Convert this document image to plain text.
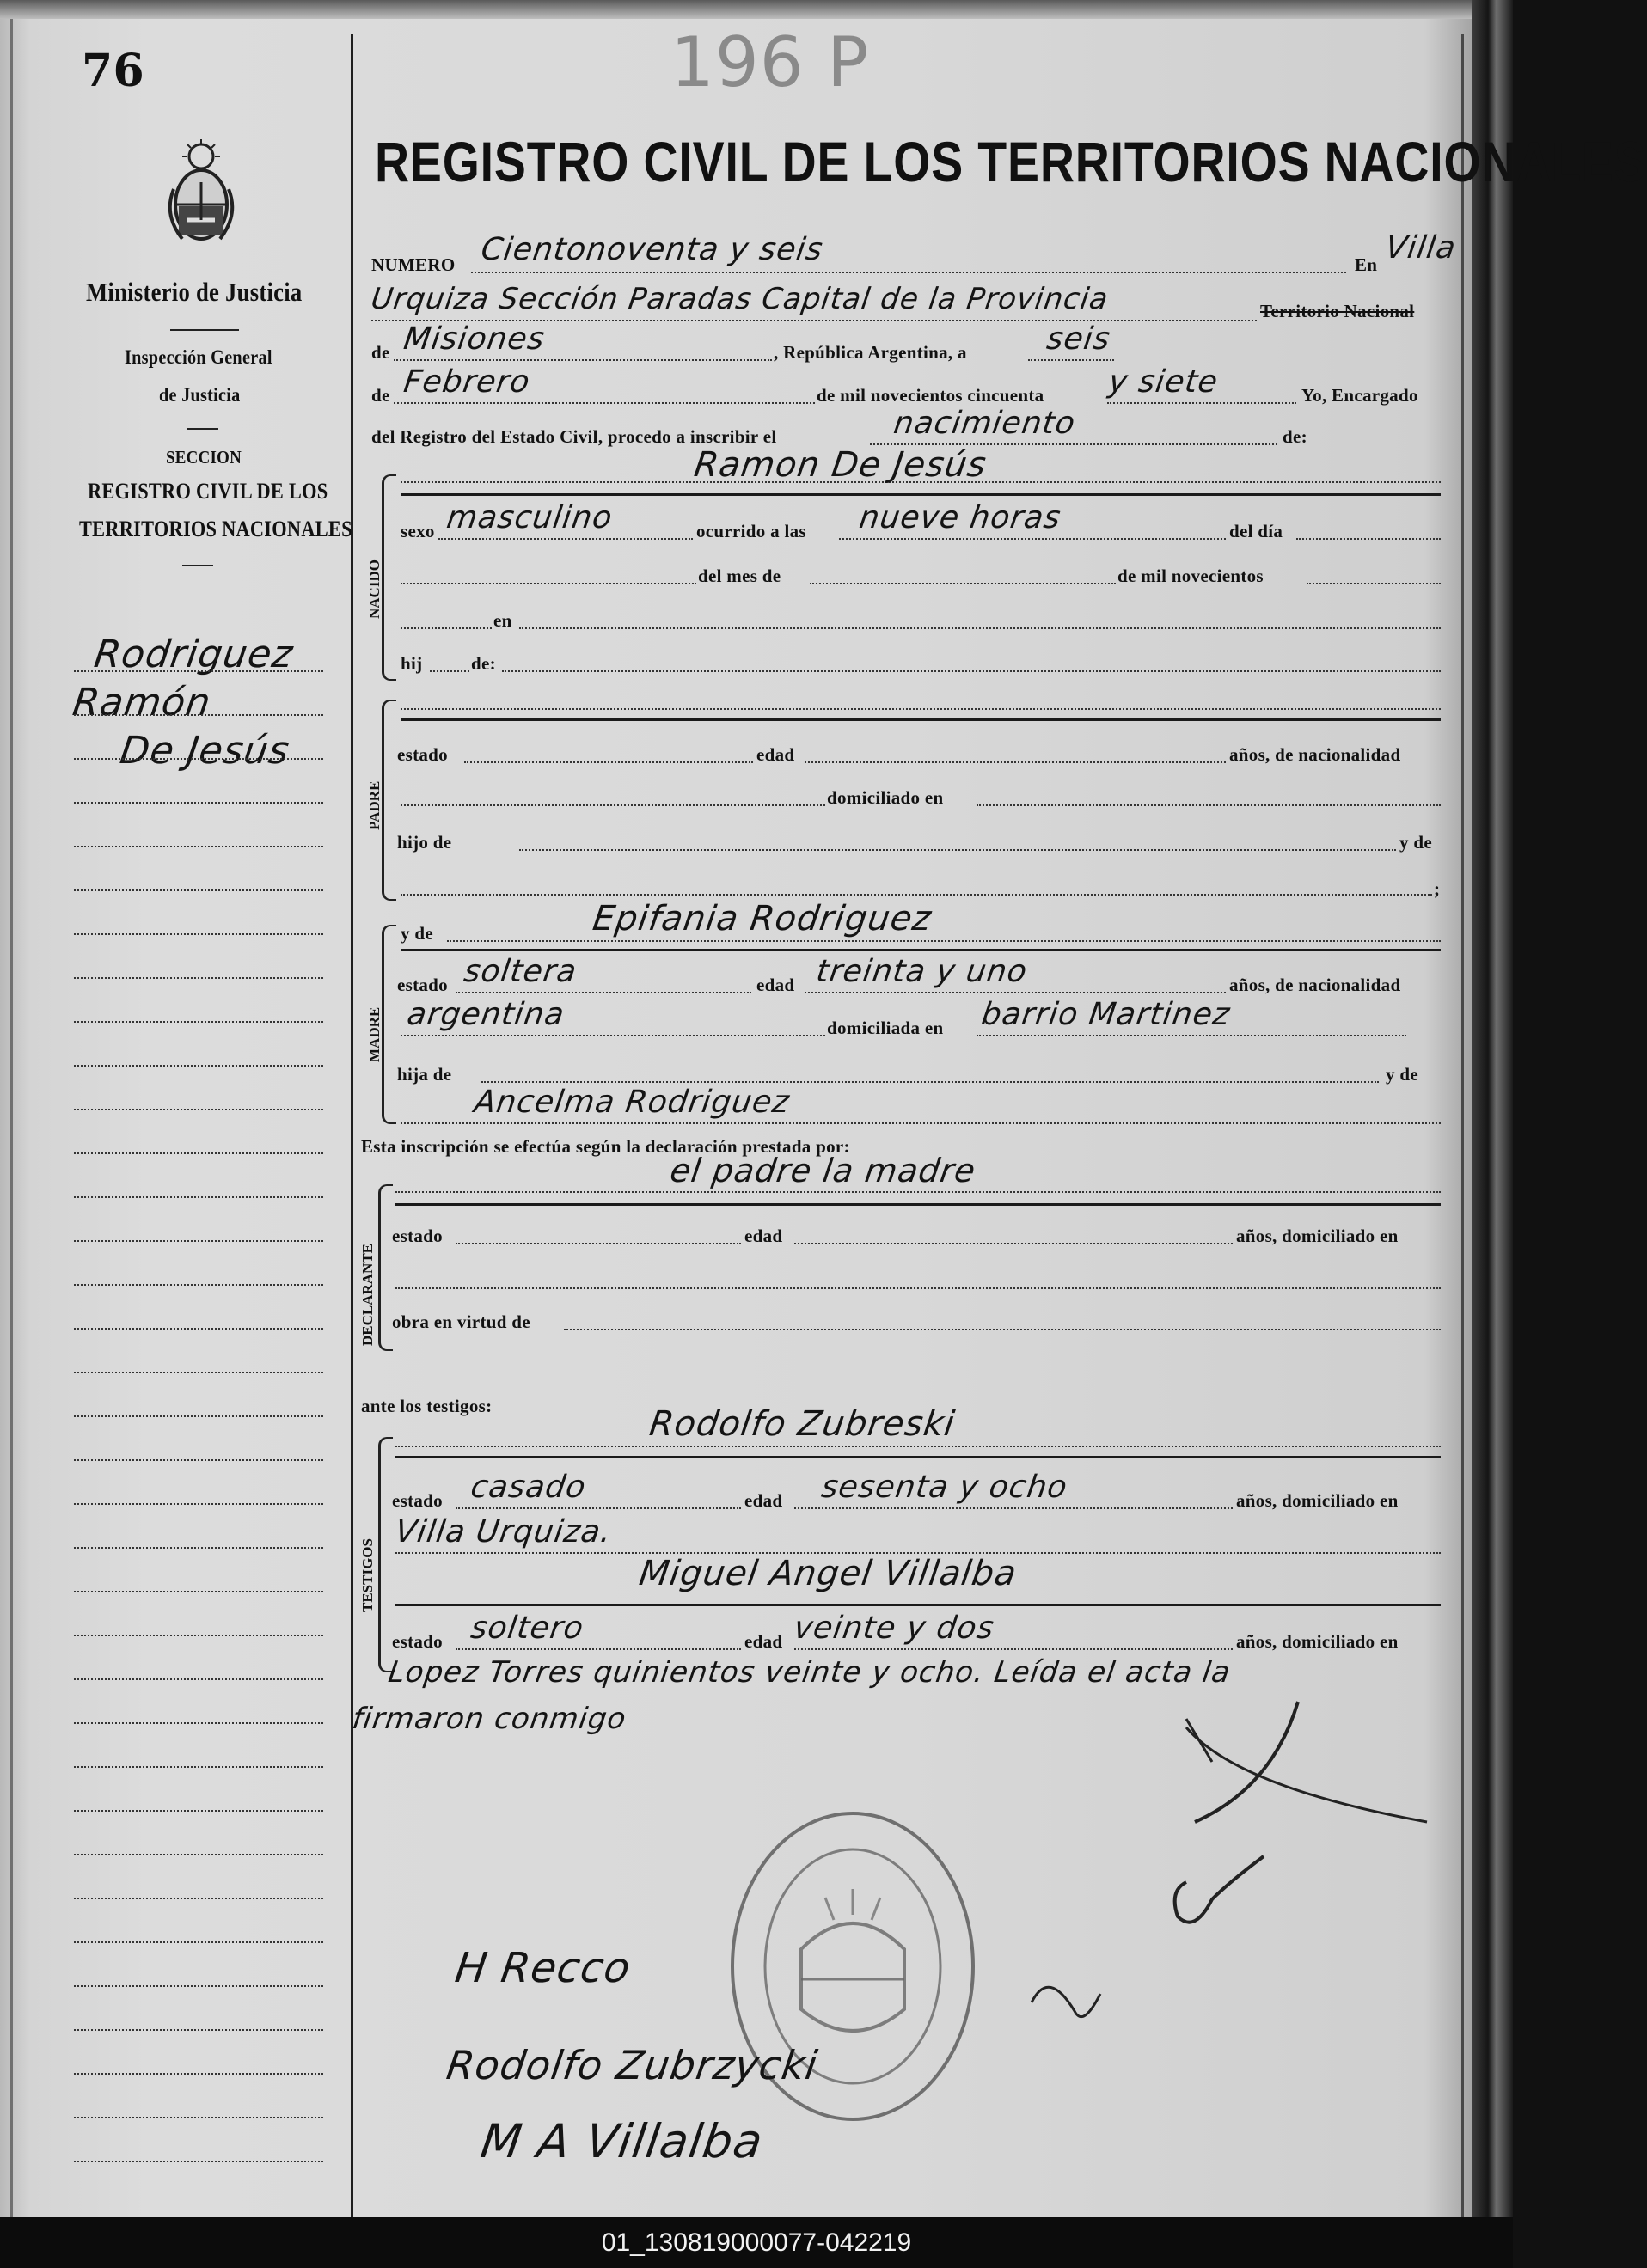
76	196 P
Ministerio de Justicia
Inspección General
de Justicia
SECCION
REGISTRO CIVIL DE LOS
TERRITORIOS NACIONALES
Rodriguez
Ramón
De Jesús
REGISTRO CIVIL DE LOS TERRITORIOS NACIONALES
NUMERO Cientonoventa y seis	En Villa
Urquiza Sección Paradas Capital de la Provincia	Territorio Nacional
de Misiones	, República Argentina, a	seis
de Febrero	de mil novecientos cincuenta y siete	Yo, Encargado
del Registro del Estado Civil, procedo a inscribir el	nacimiento	de:
NACIDO
Ramon De Jesús
sexo masculino	ocurrido a las nueve horas	del día
del mes de	de mil novecientos
en
hij	de:
PADRE
estado	edad	años, de nacionalidad
domiciliado en
hijo de	y de
;
MADRE
y de	Epifania Rodriguez
estado soltera	edad treinta y uno	años, de nacionalidad
argentina	domiciliada en barrio Martinez
hija de	y de
Ancelma Rodriguez
Esta inscripción se efectúa según la declaración prestada por:
el padre la madre
DECLARANTE
estado	edad	años, domiciliado en
obra en virtud de
ante los testigos:
TESTIGOS
Rodolfo Zubreski
estado casado	edad sesenta y ocho	años, domiciliado en
Villa Urquiza.
Miguel Angel Villalba
estado soltero	edad veinte y dos	años, domiciliado en
Lopez Torres quinientos veinte y ocho. Leída el acta la
firmaron conmigo
H Recco
Rodolfo Zubrzycki
M A Villalba
01_130819000077-042219
